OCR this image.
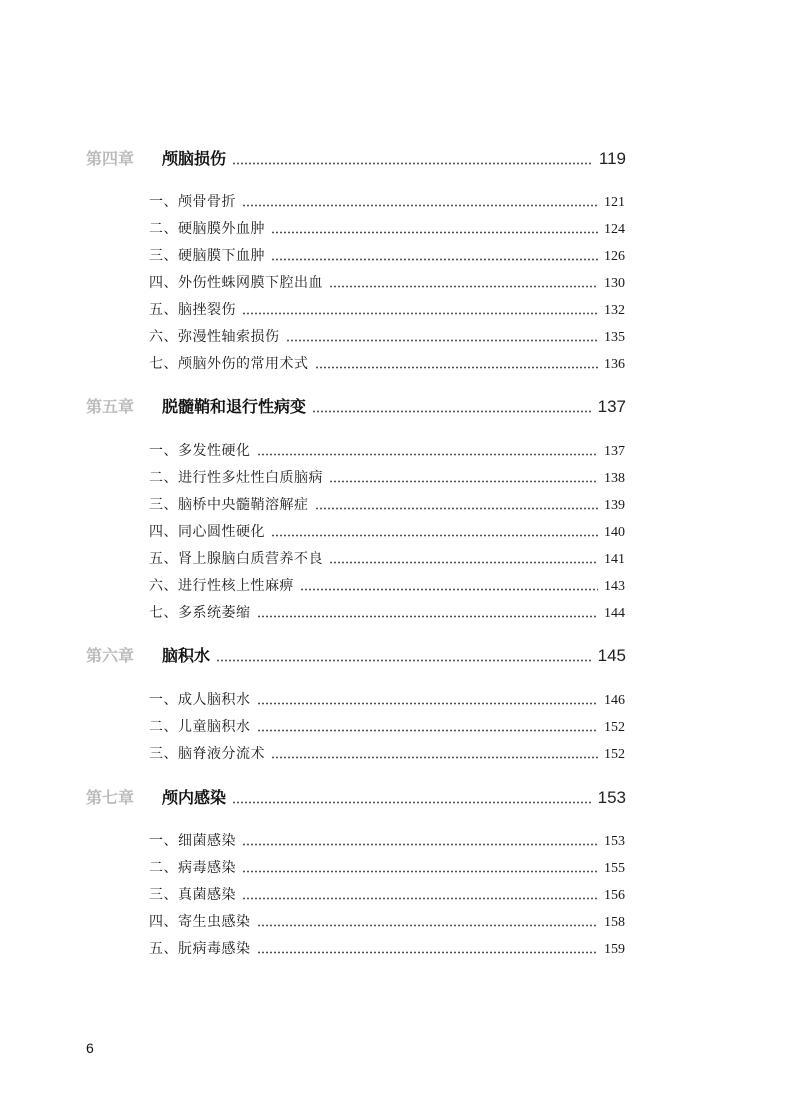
第四章	颅脑损伤	119
一、颅骨骨折	121
二、硬脑膜外血肿	124
三、硬脑膜下血肿	126
四、外伤性蛛网膜下腔出血	130
五、脑挫裂伤	132
六、弥漫性轴索损伤	135
七、颅脑外伤的常用术式	136
第五章	脱髓鞘和退行性病变	137
一、多发性硬化	137
二、进行性多灶性白质脑病	138
三、脑桥中央髓鞘溶解症	139
四、同心圆性硬化	140
五、肾上腺脑白质营养不良	141
六、进行性核上性麻痹	143
七、多系统萎缩	144
第六章	脑积水	145
一、成人脑积水	146
二、儿童脑积水	152
三、脑脊液分流术	152
第七章	颅内感染	153
一、细菌感染	153
二、病毒感染	155
三、真菌感染	156
四、寄生虫感染	158
五、朊病毒感染	159
6
